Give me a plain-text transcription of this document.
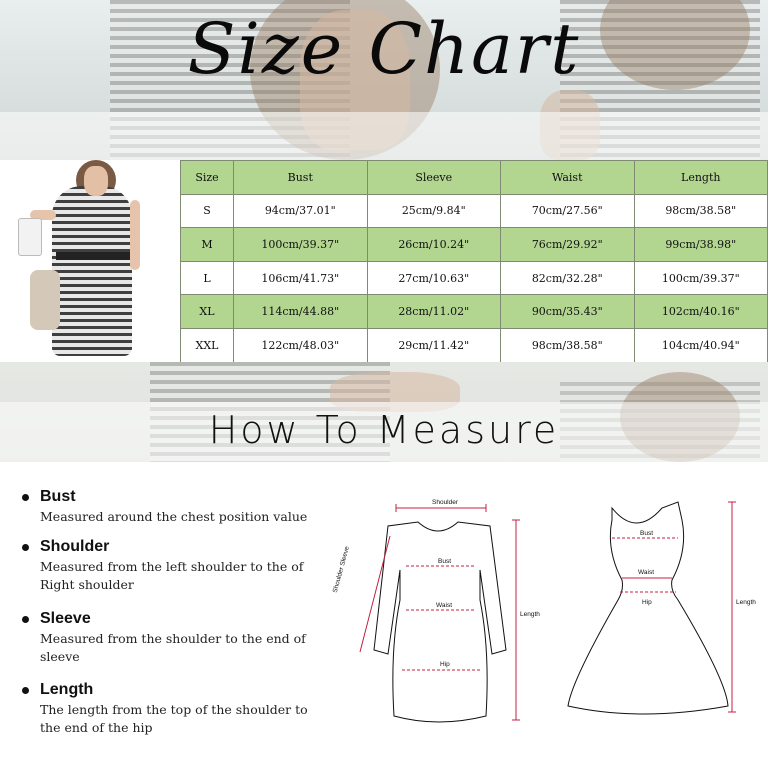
Size Chart
Size	Bust	Sleeve	Waist	Length
S	94cm/37.01"	25cm/9.84"	70cm/27.56"	98cm/38.58"
M	100cm/39.37"	26cm/10.24"	76cm/29.92"	99cm/38.98"
L	106cm/41.73"	27cm/10.63"	82cm/32.28"	100cm/39.37"
XL	114cm/44.88"	28cm/11.02"	90cm/35.43"	102cm/40.16"
XXL	122cm/48.03"	29cm/11.42"	98cm/38.58"	104cm/40.94"
How To Measure
Bust
Measured around the chest position value
Shoulder
Measured from the left shoulder to the of Right shoulder
Sleeve
Measured from the shoulder to the end of sleeve
Length
The length from the top of the shoulder to the end of the hip
Shoulder
Shoulder Sleeve	Bust
Waist
Hip
Length
Bust
Waist
Hip	Length
